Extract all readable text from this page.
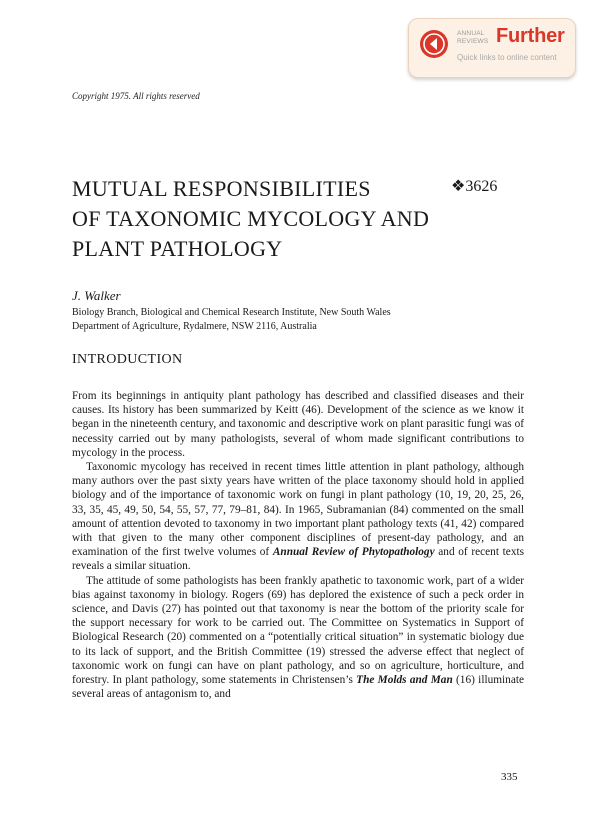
ANNUAL
REVIEWS Further
Quick links to online content
Copyright 1975. All rights reserved
MUTUAL RESPONSIBILITIES
OF TAXONOMIC MYCOLOGY AND
PLANT PATHOLOGY
❖3626
J. Walker
Biology Branch, Biological and Chemical Research Institute, New South Wales
Department of Agriculture, Rydalmere, NSW 2116, Australia
INTRODUCTION

From its beginnings in antiquity plant pathology has described and classified diseases and their causes. Its history has been summarized by Keitt (46). Development of the science as we know it began in the nineteenth century, and taxonomic and descriptive work on plant parasitic fungi was of necessity carried out by many pathologists, several of whom made significant contributions to mycology in the process.

Taxonomic mycology has received in recent times little attention in plant pathology, although many authors over the past sixty years have written of the place taxonomy should hold in applied biology and of the importance of taxonomic work on fungi in plant pathology (10, 19, 20, 25, 26, 33, 35, 45, 49, 50, 54, 55, 57, 77, 79–81, 84). In 1965, Subramanian (84) commented on the small amount of attention devoted to taxonomy in two important plant pathology texts (41, 42) compared with that given to the many other component disciplines of present-day pathology, and an examination of the first twelve volumes of Annual Review of Phytopathology and of recent texts reveals a similar situation.

The attitude of some pathologists has been frankly apathetic to taxonomic work, part of a wider bias against taxonomy in biology. Rogers (69) has deplored the existence of such a peck order in science, and Davis (27) has pointed out that taxonomy is near the bottom of the priority scale for the support necessary for work to be carried out. The Committee on Systematics in Support of Biological Research (20) commented on a “potentially critical situation” in systematic biology due to its lack of support, and the British Committee (19) stressed the adverse effect that neglect of taxonomic work on fungi can have on plant pathology, and so on agriculture, horticulture, and forestry. In plant pathology, some statements in Christensen’s The Molds and Man (16) illuminate several areas of antagonism to, and

335
